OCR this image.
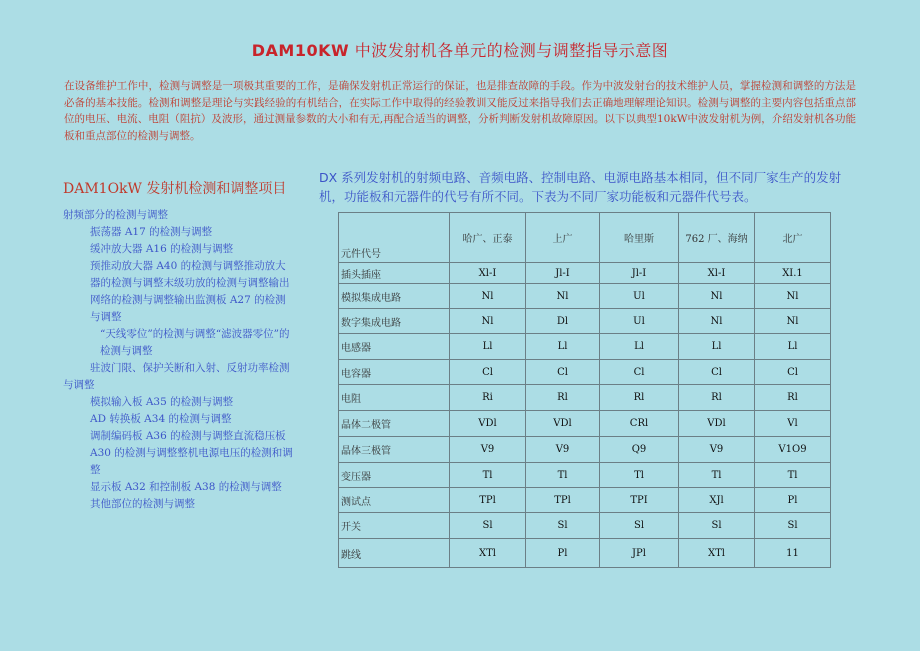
DAM10KW 中波发射机各单元的检测与调整指导示意图
在设备维护工作中，检测与调整是一项极其重要的工作，是确保发射机正常运行的保证，也是排查故障的手段。作为中波发射台的技术维护人员，掌握检测和调整的方法是必备的基本技能。检测和调整是理论与实践经验的有机结合，在实际工作中取得的经验教训又能反过来指导我们去正确地理解理论知识。检测与调整的主要内容包括重点部位的电压、电流、电阻（阻抗）及波形，通过测量参数的大小和有无,再配合适当的调整，分析判断发射机故障原因。以下以典型10kW中波发射机为例，介绍发射机各功能板和重点部位的检测与调整。
DAM1OkW 发射机检测和调整项目
射频部分的检测与调整
振荡器 A17 的检测与调整
缓冲放大器 A16 的检测与调整
预推动放大器 A40 的检测与调整推动放大器的检测与调整末级功放的检测与调整输出网络的检测与调整输出监测板 A27 的检测与调整
“天线零位”的检测与调整“滤波器零位”的检测与调整
驻波门限、保护关断和入射、反射功率检测与调整
模拟输入板 A35 的检测与调整
AD 转换板 A34 的检测与调整
调制编码板 A36 的检测与调整直流稳压板 A30 的检测与调整整机电源电压的检测和调整
显示板 A32 和控制板 A38 的检测与调整
其他部位的检测与调整
DX 系列发射机的射频电路、音频电路、控制电路、电源电路基本相同，但不同厂家生产的发射机，功能板和元器件的代号有所不同。下表为不同厂家功能板和元器件代号表。
元件代号	哈广、正泰	上广	哈里斯	762 厂、海纳	北广
插头插座	Xl-I	Jl-I	Jl-I	Xl-I	XI.1
模拟集成电路	Nl	Nl	Ul	Nl	Nl
数字集成电路	Nl	Dl	Ul	Nl	Nl
电感器	Ll	Ll	Ll	Ll	Ll
电容器	Cl	Cl	Cl	Cl	Cl
电阻	Ri	Rl	Rl	Rl	Rl
晶体二极管	VDl	VDl	CRl	VDl	Vl
晶体三极管	V9	V9	Q9	V9	V1O9
变压器	Tl	Tl	Tl	Tl	Tl
测试点	TPl	TPl	TPI	XJl	Pl
开关	Sl	Sl	Sl	Sl	Sl
跳线	XTl	Pl	JPl	XTl	11
